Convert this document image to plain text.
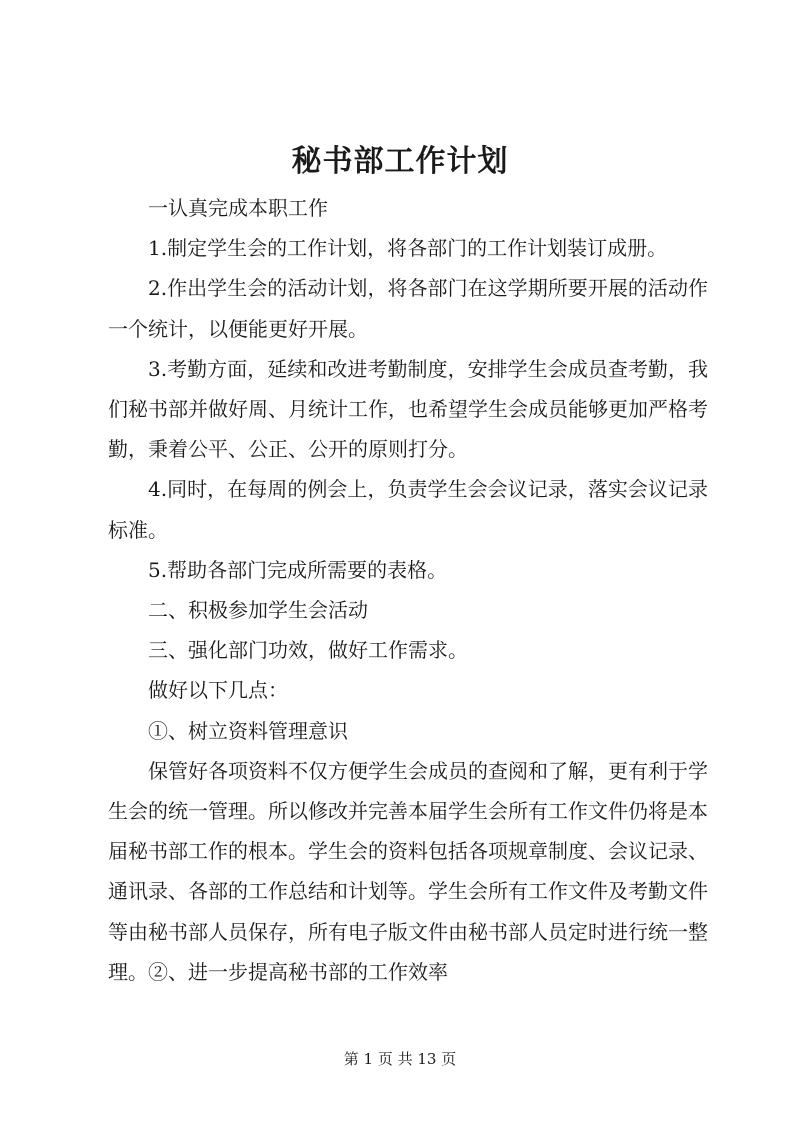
秘书部工作计划

一认真完成本职工作

1.制定学生会的工作计划，将各部门的工作计划装订成册。

2.作出学生会的活动计划，将各部门在这学期所要开展的活动作一个统计，以便能更好开展。

3.考勤方面，延续和改进考勤制度，安排学生会成员查考勤，我们秘书部并做好周、月统计工作，也希望学生会成员能够更加严格考勤，秉着公平、公正、公开的原则打分。

4.同时，在每周的例会上，负责学生会会议记录，落实会议记录标准。

5.帮助各部门完成所需要的表格。

二、积极参加学生会活动

三、强化部门功效，做好工作需求。

做好以下几点：

①、树立资料管理意识

保管好各项资料不仅方便学生会成员的查阅和了解，更有利于学生会的统一管理。所以修改并完善本届学生会所有工作文件仍将是本届秘书部工作的根本。学生会的资料包括各项规章制度、会议记录、通讯录、各部的工作总结和计划等。学生会所有工作文件及考勤文件等由秘书部人员保存，所有电子版文件由秘书部人员定时进行统一整理。②、进一步提高秘书部的工作效率

第 1 页 共 13 页
